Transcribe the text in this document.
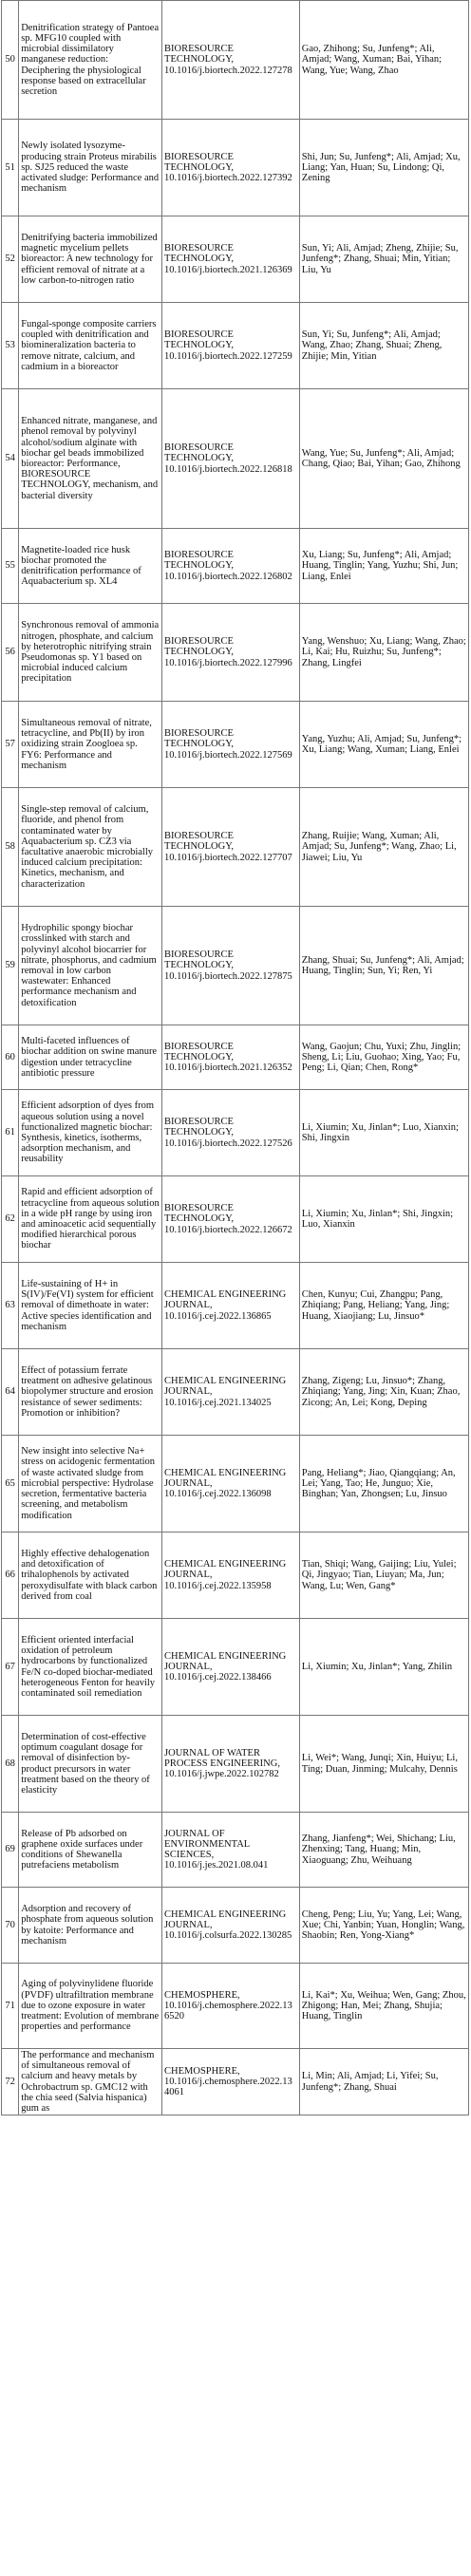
50	Denitrification strategy of Pantoea sp. MFG10 coupled with microbial dissimilatory manganese reduction: Deciphering the physiological response based on extracellular secretion	BIORESOURCE TECHNOLOGY, 10.1016/j.biortech.2022.127278	Gao, Zhihong; Su, Junfeng*; Ali, Amjad; Wang, Xuman; Bai, Yihan; Wang, Yue; Wang, Zhao
51	Newly isolated lysozyme-producing strain Proteus mirabilis sp. SJ25 reduced the waste activated sludge: Performance and mechanism	BIORESOURCE TECHNOLOGY, 10.1016/j.biortech.2022.127392	Shi, Jun; Su, Junfeng*; Ali, Amjad; Xu, Liang; Yan, Huan; Su, Lindong; Qi, Zening
52	Denitrifying bacteria immobilized magnetic mycelium pellets bioreactor: A new technology for efficient removal of nitrate at a low carbon-to-nitrogen ratio	BIORESOURCE TECHNOLOGY, 10.1016/j.biortech.2021.126369	Sun, Yi; Ali, Amjad; Zheng, Zhijie; Su, Junfeng*; Zhang, Shuai; Min, Yitian; Liu, Yu
53	Fungal-sponge composite carriers coupled with denitrification and biomineralization bacteria to remove nitrate, calcium, and cadmium in a bioreactor	BIORESOURCE TECHNOLOGY, 10.1016/j.biortech.2022.127259	Sun, Yi; Su, Junfeng*; Ali, Amjad; Wang, Zhao; Zhang, Shuai; Zheng, Zhijie; Min, Yitian
54	Enhanced nitrate, manganese, and phenol removal by polyvinyl alcohol/sodium alginate with biochar gel beads immobilized bioreactor: Performance, BIORESOURCE TECHNOLOGY, mechanism, and bacterial diversity	BIORESOURCE TECHNOLOGY, 10.1016/j.biortech.2022.126818	Wang, Yue; Su, Junfeng*; Ali, Amjad; Chang, Qiao; Bai, Yihan; Gao, Zhihong
55	Magnetite-loaded rice husk biochar promoted the denitrification performance of Aquabacterium sp. XL4	BIORESOURCE TECHNOLOGY, 10.1016/j.biortech.2022.126802	Xu, Liang; Su, Junfeng*; Ali, Amjad; Huang, Tinglin; Yang, Yuzhu; Shi, Jun; Liang, Enlei
56	Synchronous removal of ammonia nitrogen, phosphate, and calcium by heterotrophic nitrifying strain Pseudomonas sp. Y1 based on microbial induced calcium precipitation	BIORESOURCE TECHNOLOGY, 10.1016/j.biortech.2022.127996	Yang, Wenshuo; Xu, Liang; Wang, Zhao; Li, Kai; Hu, Ruizhu; Su, Junfeng*; Zhang, Lingfei
57	Simultaneous removal of nitrate, tetracycline, and Pb(II) by iron oxidizing strain Zoogloea sp. FY6: Performance and mechanism	BIORESOURCE TECHNOLOGY, 10.1016/j.biortech.2022.127569	Yang, Yuzhu; Ali, Amjad; Su, Junfeng*; Xu, Liang; Wang, Xuman; Liang, Enlei
58	Single-step removal of calcium, fluoride, and phenol from contaminated water by Aquabacterium sp. CZ3 via facultative anaerobic microbially induced calcium precipitation: Kinetics, mechanism, and characterization	BIORESOURCE TECHNOLOGY, 10.1016/j.biortech.2022.127707	Zhang, Ruijie; Wang, Xuman; Ali, Amjad; Su, Junfeng*; Wang, Zhao; Li, Jiawei; Liu, Yu
59	Hydrophilic spongy biochar crosslinked with starch and polyvinyl alcohol biocarrier for nitrate, phosphorus, and cadmium removal in low carbon wastewater: Enhanced performance mechanism and detoxification	BIORESOURCE TECHNOLOGY, 10.1016/j.biortech.2022.127875	Zhang, Shuai; Su, Junfeng*; Ali, Amjad; Huang, Tinglin; Sun, Yi; Ren, Yi
60	Multi-faceted influences of biochar addition on swine manure digestion under tetracycline antibiotic pressure	BIORESOURCE TECHNOLOGY, 10.1016/j.biortech.2021.126352	Wang, Gaojun; Chu, Yuxi; Zhu, Jinglin; Sheng, Li; Liu, Guohao; Xing, Yao; Fu, Peng; Li, Qian; Chen, Rong*
61	Efficient adsorption of dyes from aqueous solution using a novel functionalized magnetic biochar: Synthesis, kinetics, isotherms, adsorption mechanism, and reusability	BIORESOURCE TECHNOLOGY, 10.1016/j.biortech.2022.127526	Li, Xiumin; Xu, Jinlan*; Luo, Xianxin; Shi, Jingxin
62	Rapid and efficient adsorption of tetracycline from aqueous solution in a wide pH range by using iron and aminoacetic acid sequentially modified hierarchical porous biochar	BIORESOURCE TECHNOLOGY, 10.1016/j.biortech.2022.126672	Li, Xiumin; Xu, Jinlan*; Shi, Jingxin; Luo, Xianxin
63	Life-sustaining of H+ in S(IV)/Fe(VI) system for efficient removal of dimethoate in water: Active species identification and mechanism	CHEMICAL ENGINEERING JOURNAL, 10.1016/j.cej.2022.136865	Chen, Kunyu; Cui, Zhangpu; Pang, Zhiqiang; Pang, Heliang; Yang, Jing; Huang, Xiaojiang; Lu, Jinsuo*
64	Effect of potassium ferrate treatment on adhesive gelatinous biopolymer structure and erosion resistance of sewer sediments: Promotion or inhibition?	CHEMICAL ENGINEERING JOURNAL, 10.1016/j.cej.2021.134025	Zhang, Zigeng; Lu, Jinsuo*; Zhang, Zhiqiang; Yang, Jing; Xin, Kuan; Zhao, Zicong; An, Lei; Kong, Deping
65	New insight into selective Na+ stress on acidogenic fermentation of waste activated sludge from microbial perspective: Hydrolase secretion, fermentative bacteria screening, and metabolism modification	CHEMICAL ENGINEERING JOURNAL, 10.1016/j.cej.2022.136098	Pang, Heliang*; Jiao, Qiangqiang; An, Lei; Yang, Tao; He, Junguo; Xie, Binghan; Yan, Zhongsen; Lu, Jinsuo
66	Highly effective dehalogenation and detoxification of trihalophenols by activated peroxydisulfate with black carbon derived from coal	CHEMICAL ENGINEERING JOURNAL, 10.1016/j.cej.2022.135958	Tian, Shiqi; Wang, Gaijing; Liu, Yulei; Qi, Jingyao; Tian, Liuyan; Ma, Jun; Wang, Lu; Wen, Gang*
67	Efficient oriented interfacial oxidation of petroleum hydrocarbons by functionalized Fe/N co-doped biochar-mediated heterogeneous Fenton for heavily contaminated soil remediation	CHEMICAL ENGINEERING JOURNAL, 10.1016/j.cej.2022.138466	Li, Xiumin; Xu, Jinlan*; Yang, Zhilin
68	Determination of cost-effective optimum coagulant dosage for removal of disinfection by-product precursors in water treatment based on the theory of elasticity	JOURNAL OF WATER PROCESS ENGINEERING, 10.1016/j.jwpe.2022.102782	Li, Wei*; Wang, Junqi; Xin, Huiyu; Li, Ting; Duan, Jinming; Mulcahy, Dennis
69	Release of Pb adsorbed on graphene oxide surfaces under conditions of Shewanella putrefaciens metabolism	JOURNAL OF ENVIRONMENTAL SCIENCES, 10.1016/j.jes.2021.08.041	Zhang, Jianfeng*; Wei, Shichang; Liu, Zhenxing; Tang, Huang; Min, Xiaoguang; Zhu, Weihuang
70	Adsorption and recovery of phosphate from aqueous solution by katoite: Performance and mechanism	CHEMICAL ENGINEERING JOURNAL, 10.1016/j.colsurfa.2022.130285	Cheng, Peng; Liu, Yu; Yang, Lei; Wang, Xue; Chi, Yanbin; Yuan, Honglin; Wang, Shaobin; Ren, Yong-Xiang*
71	Aging of polyvinylidene fluoride (PVDF) ultrafiltration membrane due to ozone exposure in water treatment: Evolution of membrane properties and performance	CHEMOSPHERE, 10.1016/j.chemosphere.2022.136520	Li, Kai*; Xu, Weihua; Wen, Gang; Zhou, Zhigong; Han, Mei; Zhang, Shujia; Huang, Tinglin
72	The performance and mechanism of simultaneous removal of calcium and heavy metals by Ochrobactrum sp. GMC12 with the chia seed (Salvia hispanica) gum as	CHEMOSPHERE, 10.1016/j.chemosphere.2022.134061	Li, Min; Ali, Amjad; Li, Yifei; Su, Junfeng*; Zhang, Shuai
